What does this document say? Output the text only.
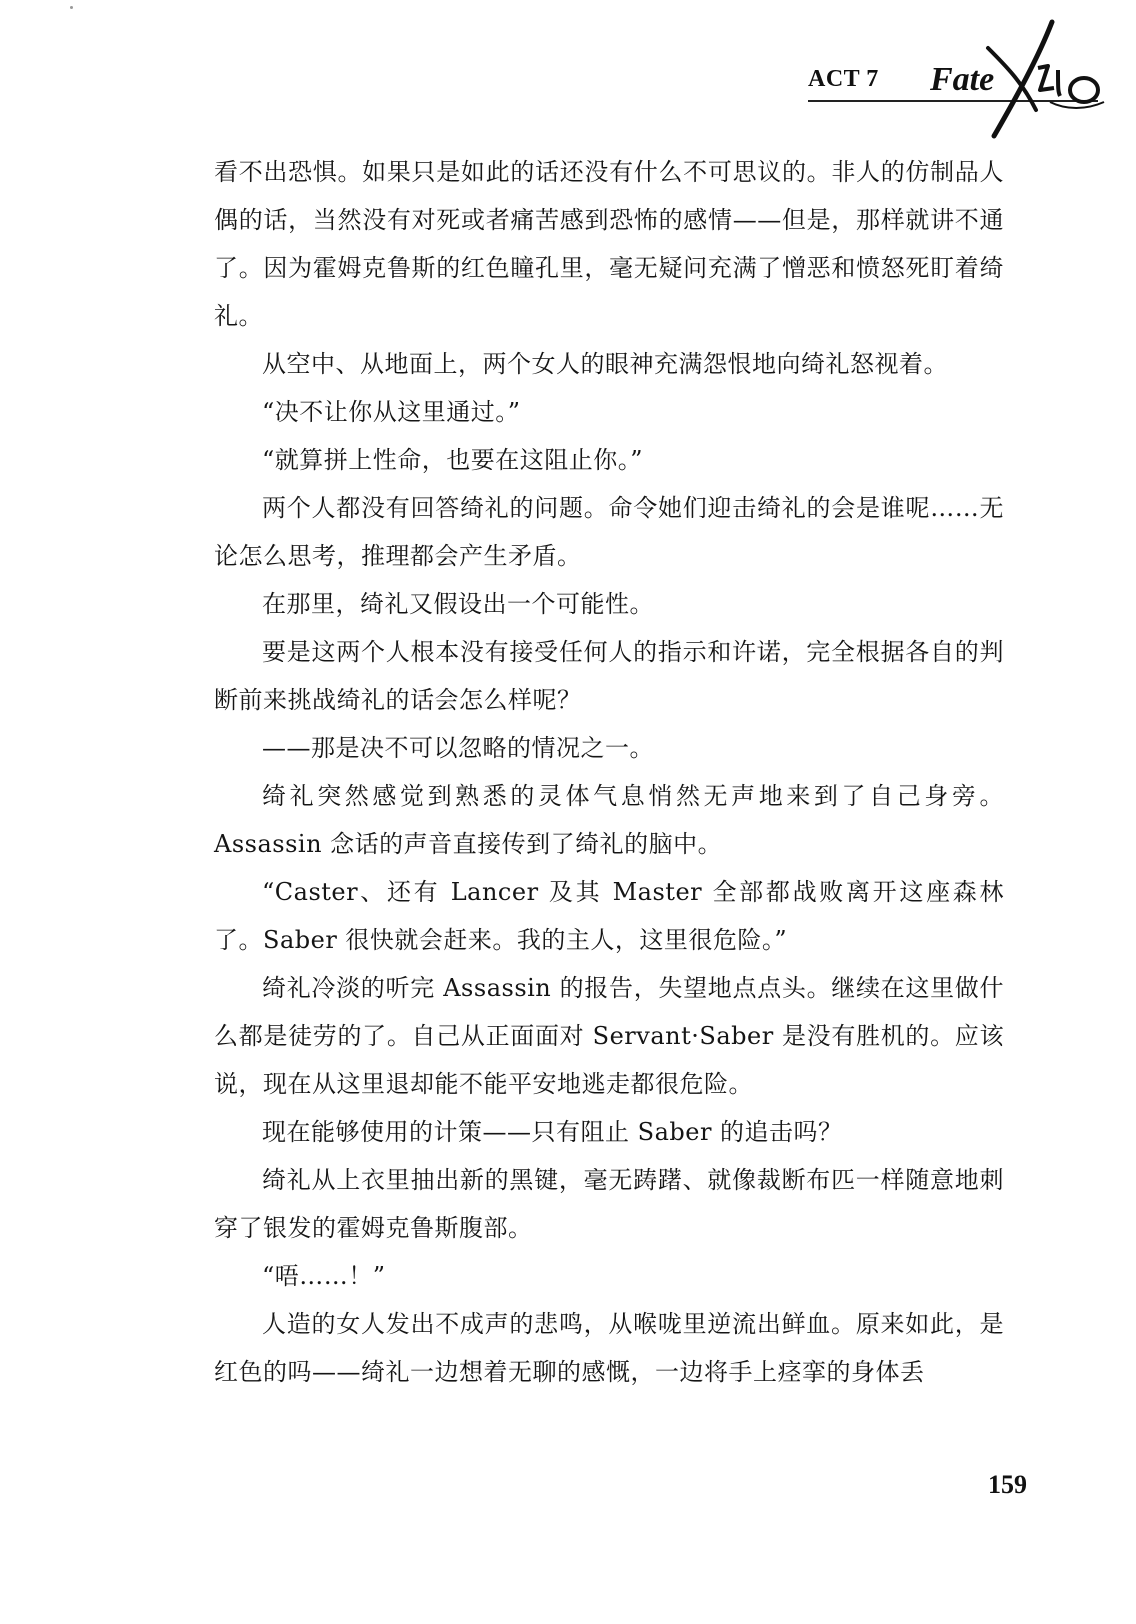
ACT 7 Fate

看不出恐惧。如果只是如此的话还没有什么不可思议的。非人的仿制品人偶的话，当然没有对死或者痛苦感到恐怖的感情——但是，那样就讲不通了。因为霍姆克鲁斯的红色瞳孔里，毫无疑问充满了憎恶和愤怒死盯着绮礼。

从空中、从地面上，两个女人的眼神充满怨恨地向绮礼怒视着。

“决不让你从这里通过。”

“就算拼上性命，也要在这阻止你。”

两个人都没有回答绮礼的问题。命令她们迎击绮礼的会是谁呢……无论怎么思考，推理都会产生矛盾。

在那里，绮礼又假设出一个可能性。

要是这两个人根本没有接受任何人的指示和许诺，完全根据各自的判断前来挑战绮礼的话会怎么样呢？

——那是决不可以忽略的情况之一。

绮礼突然感觉到熟悉的灵体气息悄然无声地来到了自己身旁。Assassin 念话的声音直接传到了绮礼的脑中。

“Caster、还有 Lancer 及其 Master 全部都战败离开这座森林了。Saber 很快就会赶来。我的主人，这里很危险。”

绮礼冷淡的听完 Assassin 的报告，失望地点点头。继续在这里做什么都是徒劳的了。自己从正面面对 Servant·Saber 是没有胜机的。应该说，现在从这里退却能不能平安地逃走都很危险。

现在能够使用的计策——只有阻止 Saber 的追击吗？

绮礼从上衣里抽出新的黑键，毫无踌躇、就像裁断布匹一样随意地刺穿了银发的霍姆克鲁斯腹部。

“唔……！”

人造的女人发出不成声的悲鸣，从喉咙里逆流出鲜血。原来如此，是红色的吗——绮礼一边想着无聊的感慨，一边将手上痉挛的身体丢

159
